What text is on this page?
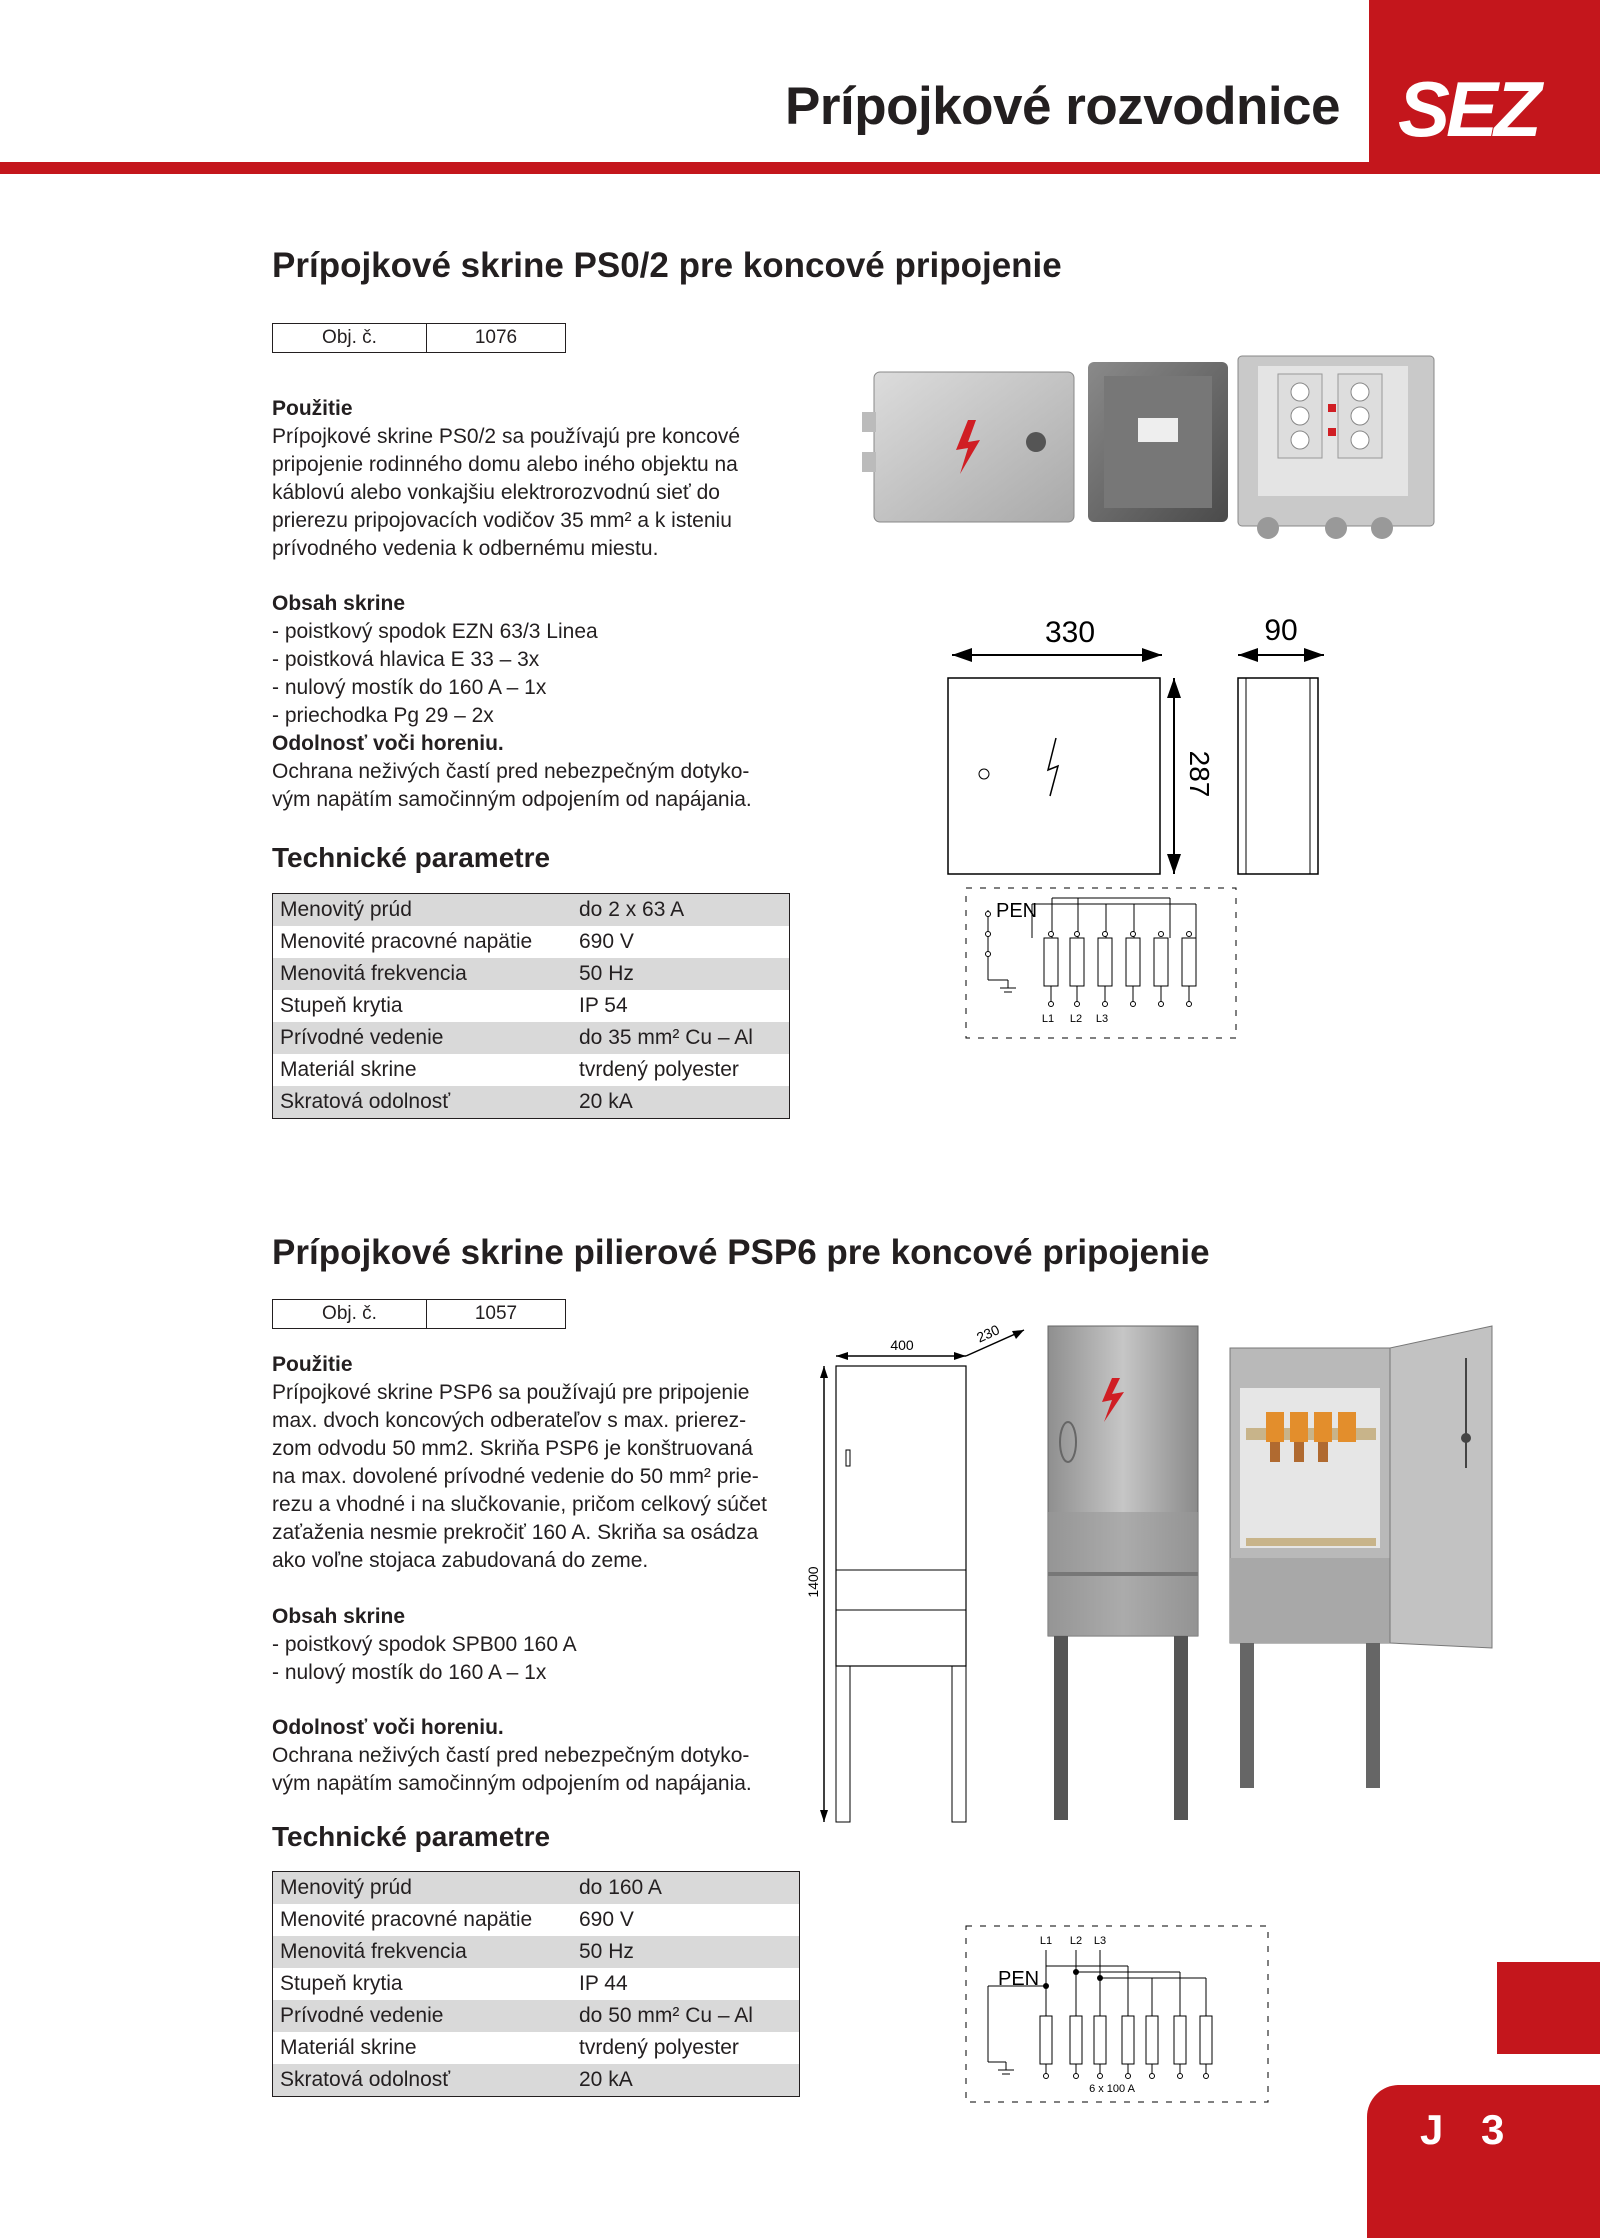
Prípojkové rozvodnice SEZ
Prípojkové skrine PS0/2 pre koncové pripojenie
Obj. č.	1076
Použitie
Prípojkové skrine PS0/2 sa používajú pre koncové
pripojenie rodinného domu alebo iného objektu na
káblovú alebo vonkajšiu elektrorozvodnú sieť do
prierezu pripojovacích vodičov 35 mm² a k isteniu
prívodného vedenia k odbernému miestu.
Obsah skrine
- poistkový spodok EZN 63/3 Linea
- poistková hlavica E 33 – 3x
- nulový mostík do 160 A – 1x
- priechodka Pg 29 – 2x
Odolnosť voči horeniu.
Ochrana neživých častí pred nebezpečným dotyko-
vým napätím samočinným odpojením od napájania.
Technické parametre
Menovitý prúd	do 2 x 63 A
Menovité pracovné napätie	690 V
Menovitá frekvencia	50 Hz
Stupeň krytia	IP 54
Prívodné vedenie	do 35 mm² Cu – Al
Materiál skrine	tvrdený polyester
Skratová odolnosť	20 kA
330	90
287
PEN
L1 L2 L3
Prípojkové skrine pilierové PSP6 pre koncové pripojenie
Obj. č.	1057
Použitie
Prípojkové skrine PSP6 sa používajú pre pripojenie
max. dvoch koncových odberateľov s max. prierez-
zom odvodu 50 mm2. Skriňa PSP6 je konštruovaná
na max. dovolené prívodné vedenie do 50 mm² prie-
rezu a vhodné i na slučkovanie, pričom celkový súčet
zaťaženia nesmie prekročiť 160 A. Skriňa sa osádza
ako voľne stojaca zabudovaná do zeme.
Obsah skrine
- poistkový spodok SPB00 160 A
- nulový mostík do 160 A – 1x
Odolnosť voči horeniu.
Ochrana neživých častí pred nebezpečným dotyko-
vým napätím samočinným odpojením od napájania.
Technické parametre
Menovitý prúd	do 160 A
Menovité pracovné napätie	690 V
Menovitá frekvencia	50 Hz
Stupeň krytia	IP 44
Prívodné vedenie	do 50 mm² Cu – Al
Materiál skrine	tvrdený polyester
Skratová odolnosť	20 kA
400	230
1400
L1 L2 L3
PEN
6 x 100 A
J 3
